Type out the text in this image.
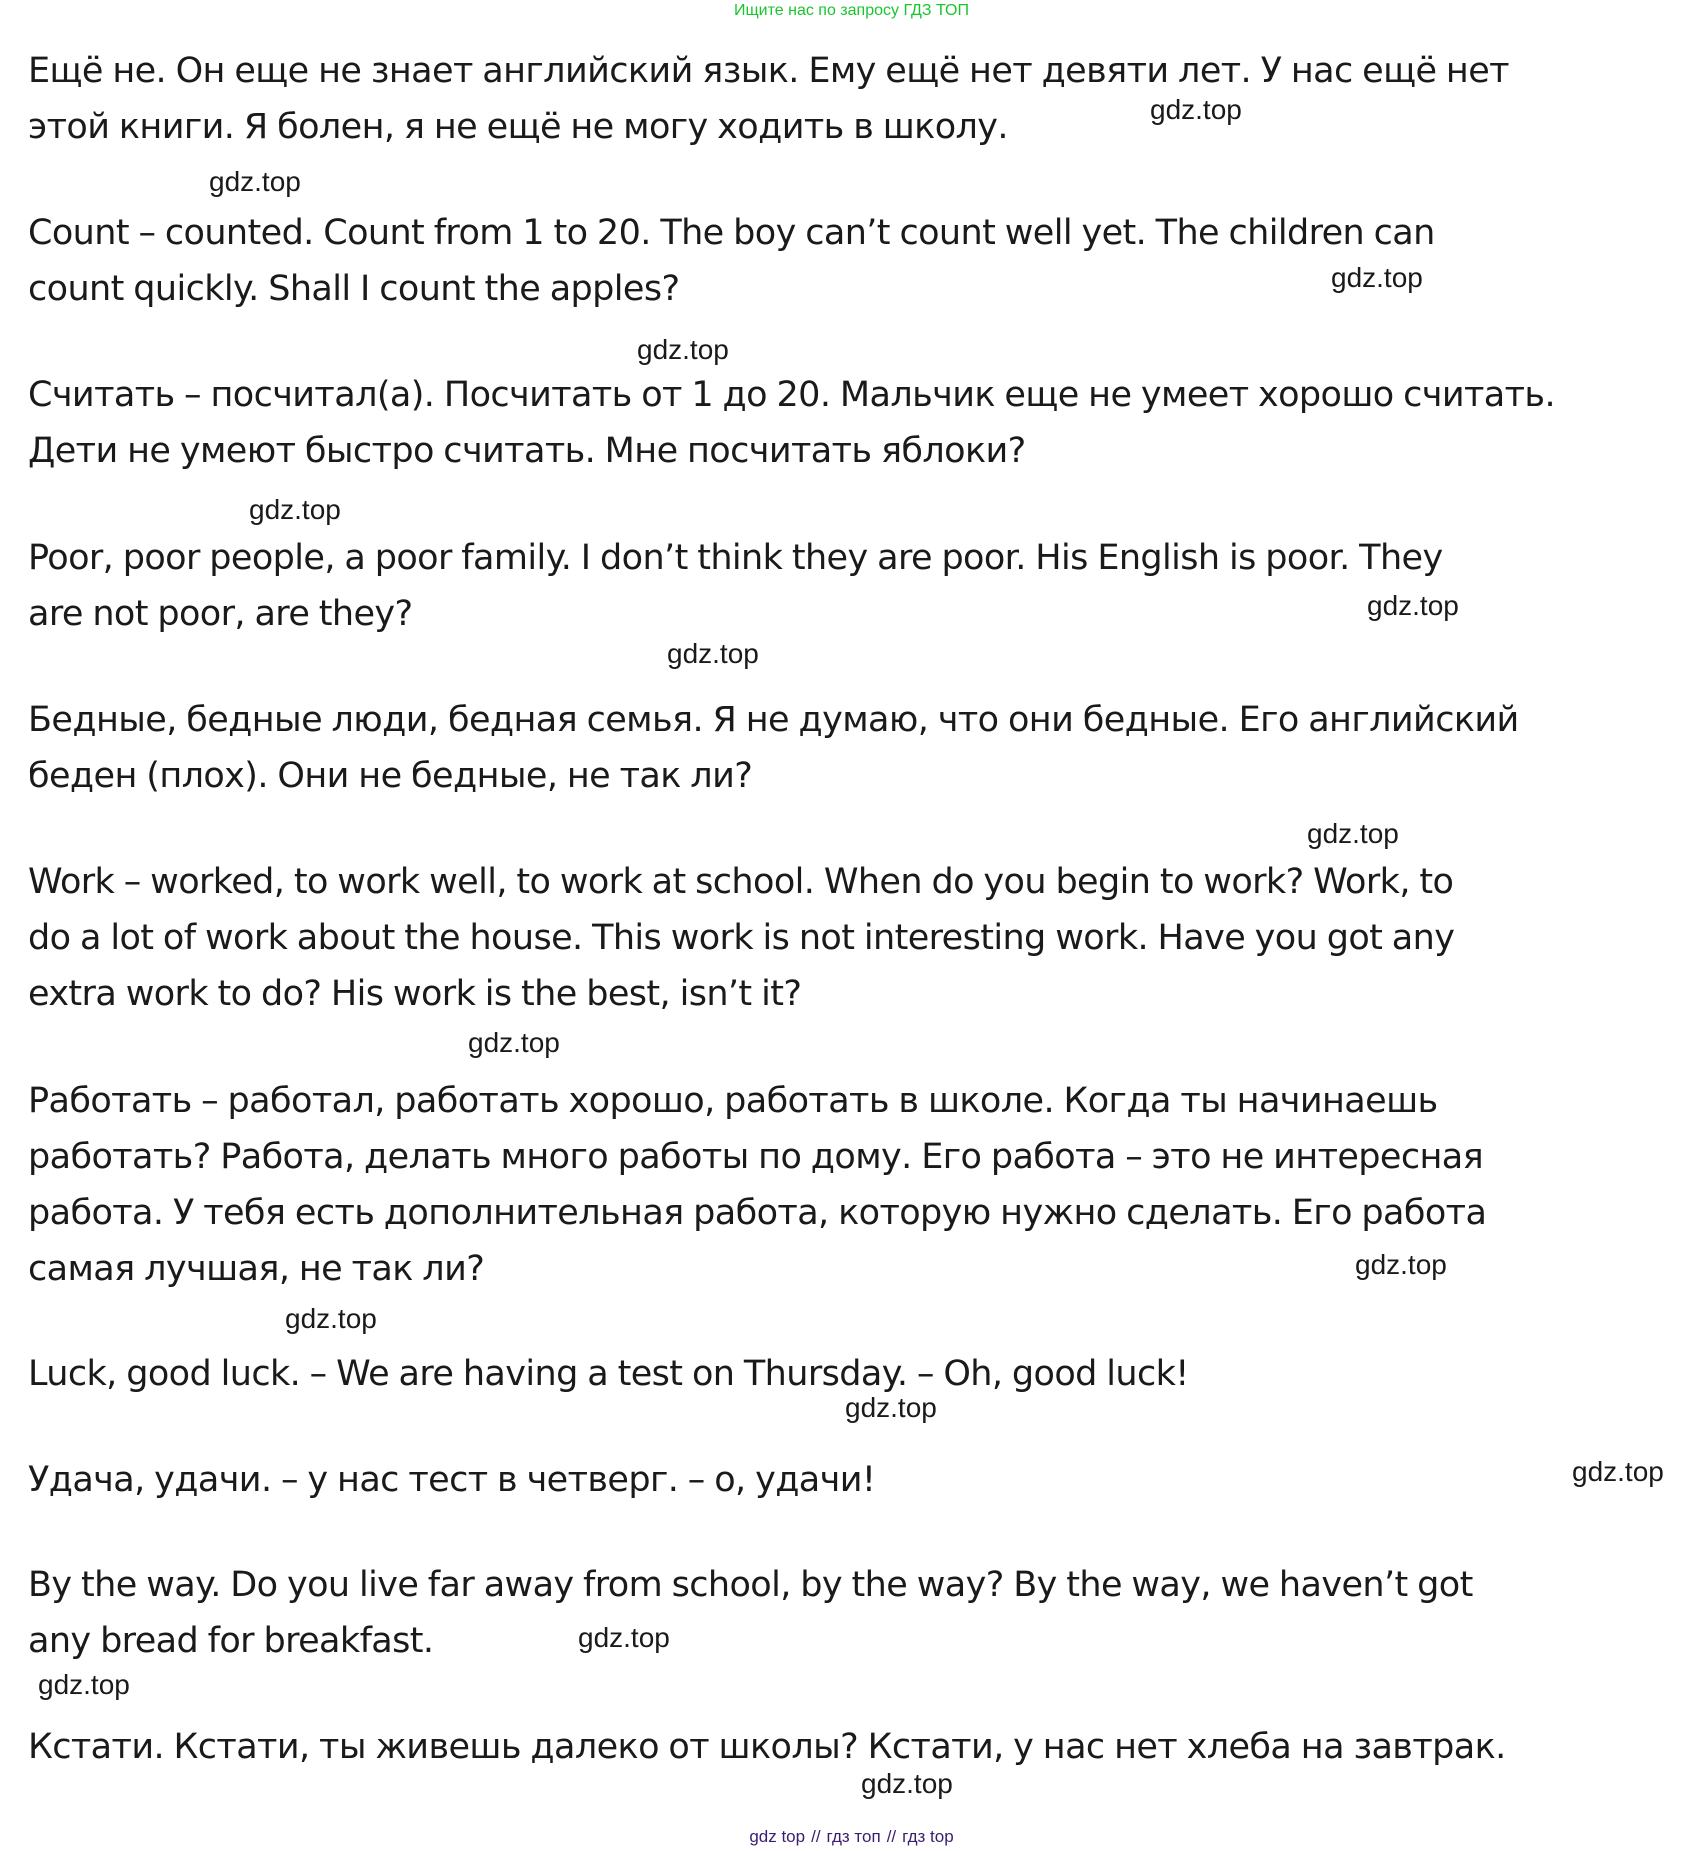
Ищите нас по запросу ГДЗ ТОП
Ещё не. Он еще не знает английский язык. Ему ещё нет девяти лет. У нас ещё нет
этой книги. Я болен, я не ещё не могу ходить в школу.
Count – counted. Count from 1 to 20. The boy can’t count well yet. The children can
count quickly. Shall I count the apples?
Считать – посчитал(а). Посчитать от 1 до 20. Мальчик еще не умеет хорошо считать.
Дети не умеют быстро считать. Мне посчитать яблоки?
Poor, poor people, a poor family. I don’t think they are poor. His English is poor. They
are not poor, are they?
Бедные, бедные люди, бедная семья. Я не думаю, что они бедные. Его английский
беден (плох). Они не бедные, не так ли?
Work – worked, to work well, to work at school. When do you begin to work? Work, to
do a lot of work about the house. This work is not interesting work. Have you got any
extra work to do? His work is the best, isn’t it?
Работать – работал, работать хорошо, работать в школе. Когда ты начинаешь
работать? Работа, делать много работы по дому. Его работа – это не интересная
работа. У тебя есть дополнительная работа, которую нужно сделать. Его работа
самая лучшая, не так ли?
Luck, good luck. – We are having a test on Thursday. – Oh, good luck!
Удача, удачи. – у нас тест в четверг. – о, удачи!
By the way. Do you live far away from school, by the way? By the way, we haven’t got
any bread for breakfast.
Кстати. Кстати, ты живешь далеко от школы? Кстати, у нас нет хлеба на завтрак.
gdz.top
gdz.top
gdz.top
gdz.top
gdz.top
gdz.top
gdz.top
gdz.top
gdz.top
gdz.top
gdz.top
gdz.top
gdz.top
gdz.top
gdz.top
gdz.top
gdz top // гдз топ // гдз top
